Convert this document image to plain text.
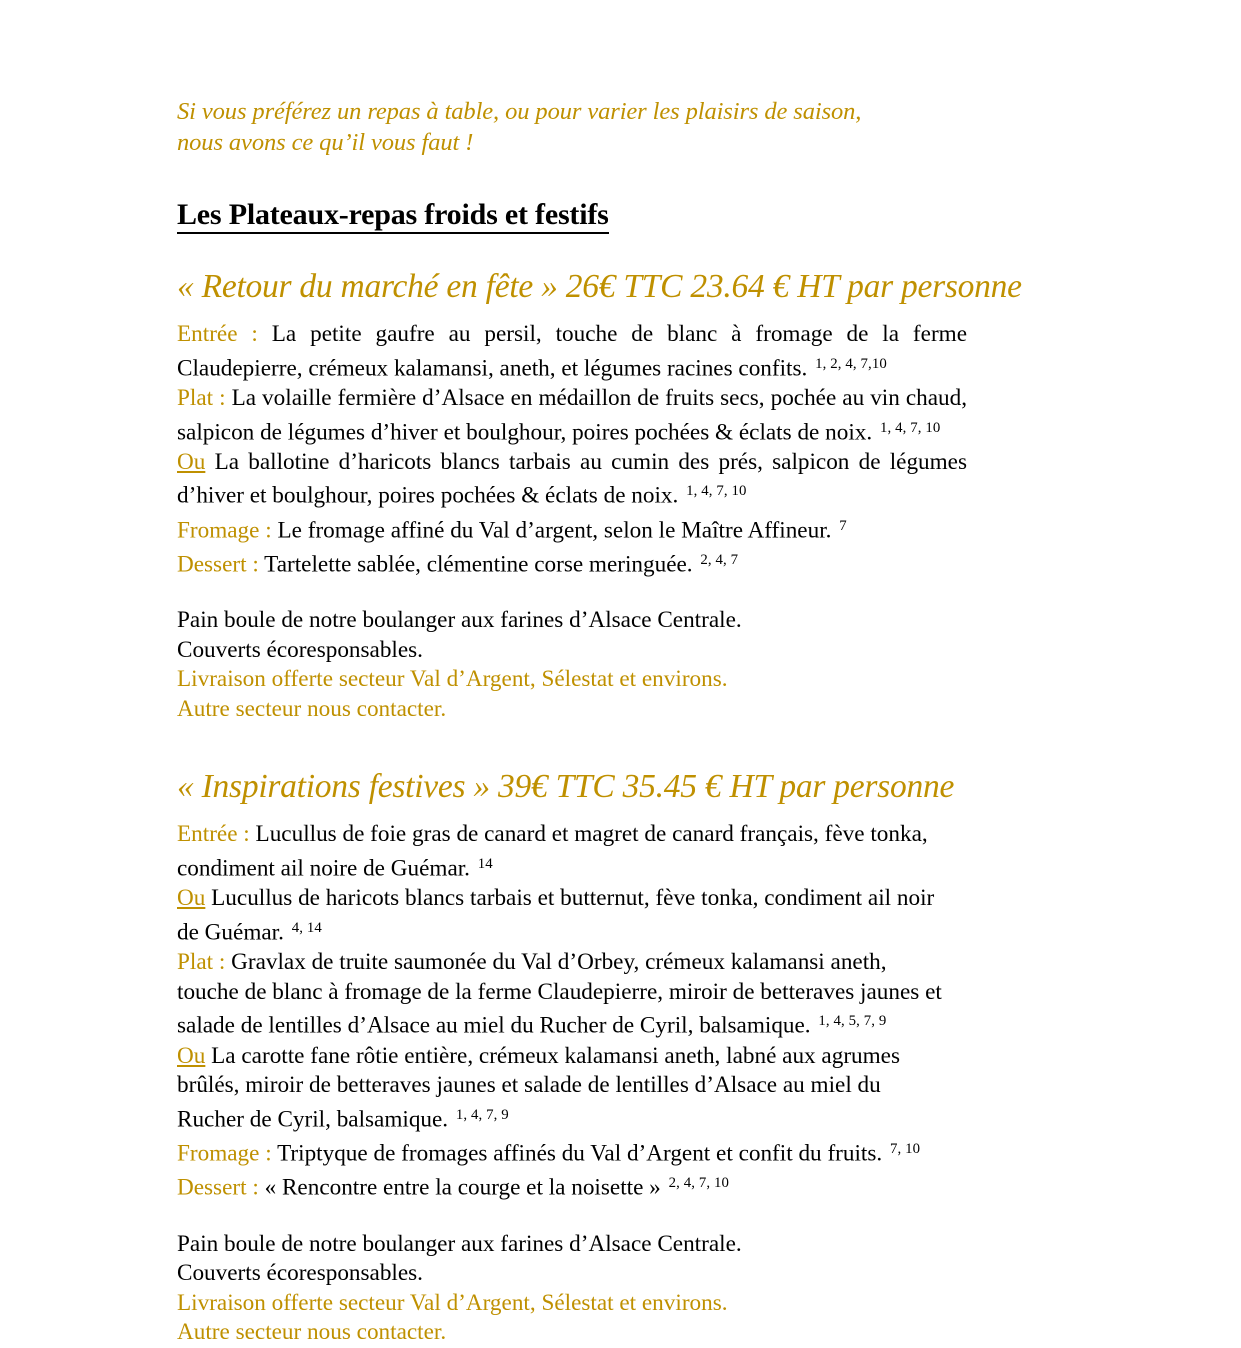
Si vous préférez un repas à table, ou pour varier les plaisirs de saison,
nous avons ce qu’il vous faut !
Les Plateaux-repas froids et festifs
« Retour du marché en fête » 26€ TTC 23.64 € HT par personne

Entrée : La petite gaufre au persil, touche de blanc à fromage de la ferme Claudepierre, crémeux kalamansi, aneth, et légumes racines confits. $^{1, 2, 4, 7,10}$

Plat : La volaille fermière d’Alsace en médaillon de fruits secs, pochée au vin chaud, salpicon de légumes d’hiver et boulghour, poires pochées & éclats de noix. $^{1, 4, 7, 10}$

Ou La ballotine d’haricots blancs tarbais au cumin des prés, salpicon de légumes d’hiver et boulghour, poires pochées & éclats de noix. $^{1, 4, 7, 10}$

Fromage : Le fromage affiné du Val d’argent, selon le Maître Affineur. $^7$

Dessert : Tartelette sablée, clémentine corse meringuée. $^{2, 4, 7}$

Pain boule de notre boulanger aux farines d’Alsace Centrale.
Couverts écoresponsables.
Livraison offerte secteur Val d’Argent, Sélestat et environs.
Autre secteur nous contacter.
« Inspirations festives » 39€ TTC 35.45 € HT par personne

Entrée : Lucullus de foie gras de canard et magret de canard français, fève tonka, condiment ail noire de Guémar. $^{14}$

Ou Lucullus de haricots blancs tarbais et butternut, fève tonka, condiment ail noir de Guémar. $^{4, 14}$

Plat : Gravlax de truite saumonée du Val d’Orbey, crémeux kalamansi aneth, touche de blanc à fromage de la ferme Claudepierre, miroir de betteraves jaunes et salade de lentilles d’Alsace au miel du Rucher de Cyril, balsamique. $^{1, 4, 5, 7, 9}$

Ou La carotte fane rôtie entière, crémeux kalamansi aneth, labné aux agrumes brûlés, miroir de betteraves jaunes et salade de lentilles d’Alsace au miel du Rucher de Cyril, balsamique. $^{1, 4, 7, 9}$

Fromage : Triptyque de fromages affinés du Val d’Argent et confit du fruits. $^{7, 10}$

Dessert : « Rencontre entre la courge et la noisette » $^{2, 4, 7, 10}$

Pain boule de notre boulanger aux farines d’Alsace Centrale.
Couverts écoresponsables.
Livraison offerte secteur Val d’Argent, Sélestat et environs.
Autre secteur nous contacter.
